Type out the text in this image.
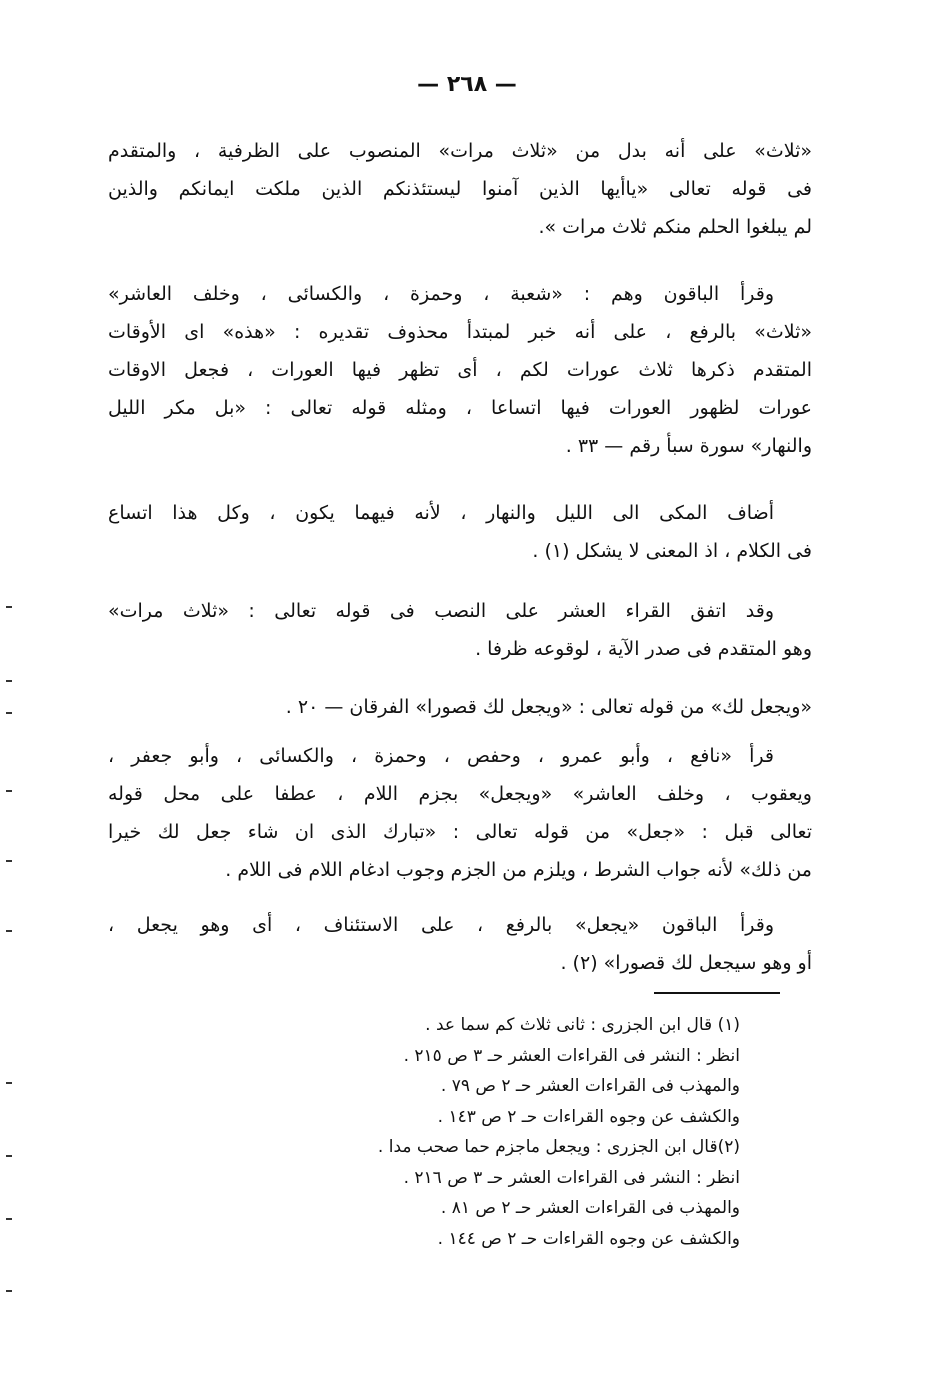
— ٢٦٨ —
«ثلاث» على أنه بدل من «ثلاث مرات» المنصوب على الظرفية ، والمتقدم
فى قوله تعالى «ياأيها الذين آمنوا ليستئذنكم الذين ملكت ايمانكم والذين
لم يبلغوا الحلم منكم ثلاث مرات ».
وقرأ الباقون وهم : «شعبة ، وحمزة ، والكسائى ، وخلف العاشر»
«ثلاث» بالرفع ، على أنه خبر لمبتدأ محذوف تقديره : «هذه» اى الأوقات
المتقدم ذكرها ثلاث عورات لكم ، أى تظهر فيها العورات ، فجعل الاوقات
عورات لظهور العورات فيها اتساعا ، ومثله قوله تعالى : «بل مكر الليل
والنهار» سورة سبأ رقم — ٣٣ .
أضاف المكى الى الليل والنهار ، لأنه فيهما يكون ، وكل هذا اتساع
فى الكلام ، اذ المعنى لا يشكل (١) .
وقد اتفق القراء العشر على النصب فى قوله تعالى : «ثلاث مرات»
وهو المتقدم فى صدر الآية ، لوقوعه ظرفا .
«ويجعل لك» من قوله تعالى : «ويجعل لك قصورا» الفرقان — ٢٠ .
قرأ «نافع ، وأبو عمرو ، وحفص ، وحمزة ، والكسائى ، وأبو جعفر ،
ويعقوب ، وخلف العاشر» «ويجعل» بجزم اللام ، عطفا على محل قوله
تعالى قبل : «جعل» من قوله تعالى : «تبارك الذى ان شاء جعل لك خيرا
من ذلك» لأنه جواب الشرط ، ويلزم من الجزم وجوب ادغام اللام فى اللام .
وقرأ الباقون «يجعل» بالرفع ، على الاستئناف ، أى وهو يجعل ،
أو وهو سيجعل لك قصورا» (٢) .
(١) قال ابن الجزرى : ثانى ثلاث كم سما عد .
انظر : النشر فى القراءات العشر حـ ٣ ص ٢١٥ .
والمهذب فى القراءات العشر حـ ٢ ص ٧٩ .
والكشف عن وجوه القراءات حـ ٢ ص ١٤٣ .
(٢)قال ابن الجزرى : ويجعل ماجزم حما صحب مدا .
انظر : النشر فى القراءات العشر حـ ٣ ص ٢١٦ .
والمهذب فى القراءات العشر حـ ٢ ص ٨١ .
والكشف عن وجوه القراءات حـ ٢ ص ١٤٤ .
